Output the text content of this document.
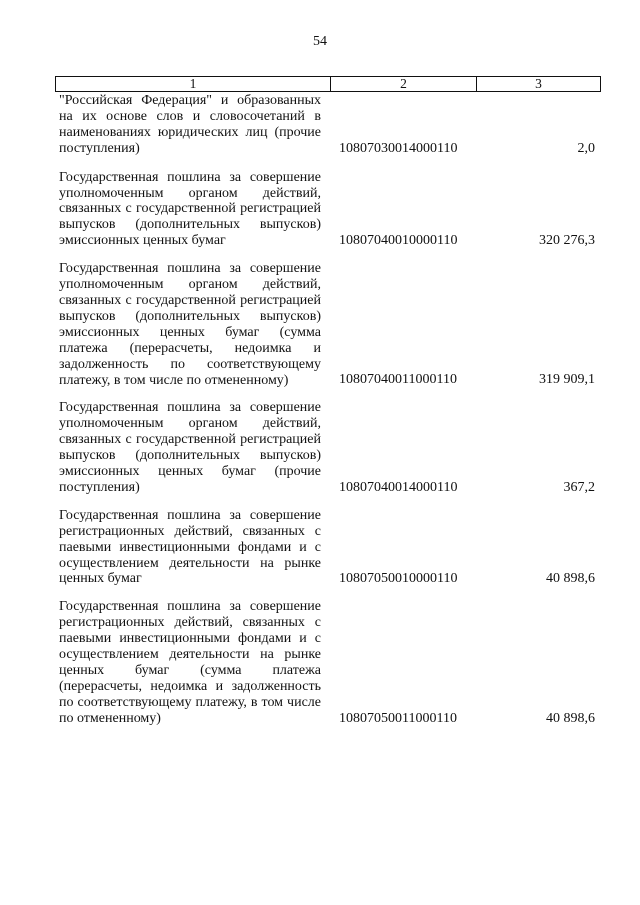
54
1	2	3
"Российская Федерация" и образованных на их основе слов и словосочетаний в наименованиях юридических лиц (прочие поступления)	10807030014000110	2,0
Государственная пошлина за совершение уполномоченным органом действий, связанных с государственной регистрацией выпусков (дополнительных выпусков) эмиссионных ценных бумаг	10807040010000110	320 276,3
Государственная пошлина за совершение уполномоченным органом действий, связанных с государственной регистрацией выпусков (дополнительных выпусков) эмиссионных ценных бумаг (сумма платежа (перерасчеты, недоимка и задолженность по соответствующему платежу, в том числе по отмененному)	10807040011000110	319 909,1
Государственная пошлина за совершение уполномоченным органом действий, связанных с государственной регистрацией выпусков (дополнительных выпусков) эмиссионных ценных бумаг (прочие поступления)	10807040014000110	367,2
Государственная пошлина за совершение регистрационных действий, связанных с паевыми инвестиционными фондами и с осуществлением деятельности на рынке ценных бумаг	10807050010000110	40 898,6
Государственная пошлина за совершение регистрационных действий, связанных с паевыми инвестиционными фондами и с осуществлением деятельности на рынке ценных бумаг (сумма платежа (перерасчеты, недоимка и задолженность по соответствующему платежу, в том числе по отмененному)	10807050011000110	40 898,6
